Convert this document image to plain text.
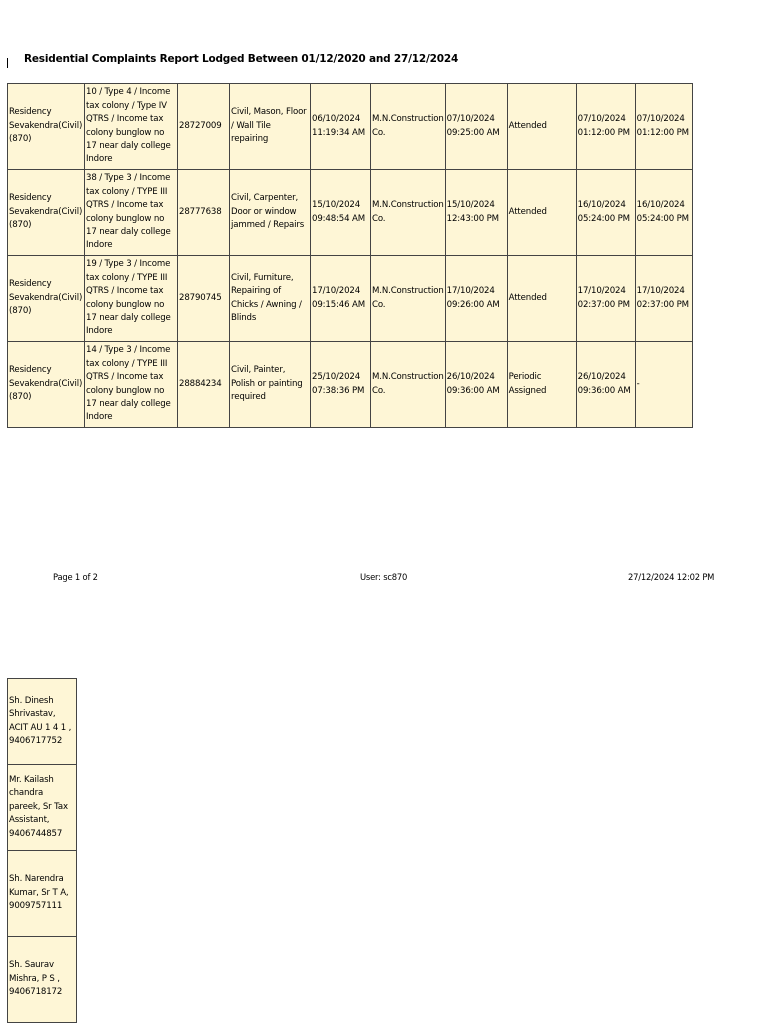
Residential Complaints Report Lodged Between 01/12/2020 and 27/12/2024
Residency Sevakendra(Civil)(870)	10 / Type 4 / Income tax colony / Type IV QTRS / Income tax colony bunglow no 17 near daly college Indore	28727009	Civil, Mason, Floor / Wall Tile repairing	06/10/2024 11:19:34 AM	M.N.Construction Co.	07/10/2024 09:25:00 AM	Attended	07/10/2024 01:12:00 PM	07/10/2024 01:12:00 PM
Residency Sevakendra(Civil)(870)	38 / Type 3 / Income tax colony / TYPE III QTRS / Income tax colony bunglow no 17 near daly college Indore	28777638	Civil, Carpenter, Door or window jammed / Repairs	15/10/2024 09:48:54 AM	M.N.Construction Co.	15/10/2024 12:43:00 PM	Attended	16/10/2024 05:24:00 PM	16/10/2024 05:24:00 PM
Residency Sevakendra(Civil)(870)	19 / Type 3 / Income tax colony / TYPE III QTRS / Income tax colony bunglow no 17 near daly college Indore	28790745	Civil, Furniture, Repairing of Chicks / Awning / Blinds	17/10/2024 09:15:46 AM	M.N.Construction Co.	17/10/2024 09:26:00 AM	Attended	17/10/2024 02:37:00 PM	17/10/2024 02:37:00 PM
Residency Sevakendra(Civil)(870)	14 / Type 3 / Income tax colony / TYPE III QTRS / Income tax colony bunglow no 17 near daly college Indore	28884234	Civil, Painter, Polish or painting required	25/10/2024 07:38:36 PM	M.N.Construction Co.	26/10/2024 09:36:00 AM	Periodic Assigned	26/10/2024 09:36:00 AM	-
Page 1 of 2	User: sc870	27/12/2024 12:02 PM
Sh. Dinesh Shrivastav, ACIT AU 1 4 1 , 9406717752
Mr. Kailash chandra pareek, Sr Tax Assistant, 9406744857
Sh. Narendra Kumar, Sr T A, 9009757111
Sh. Saurav Mishra, P S , 9406718172
